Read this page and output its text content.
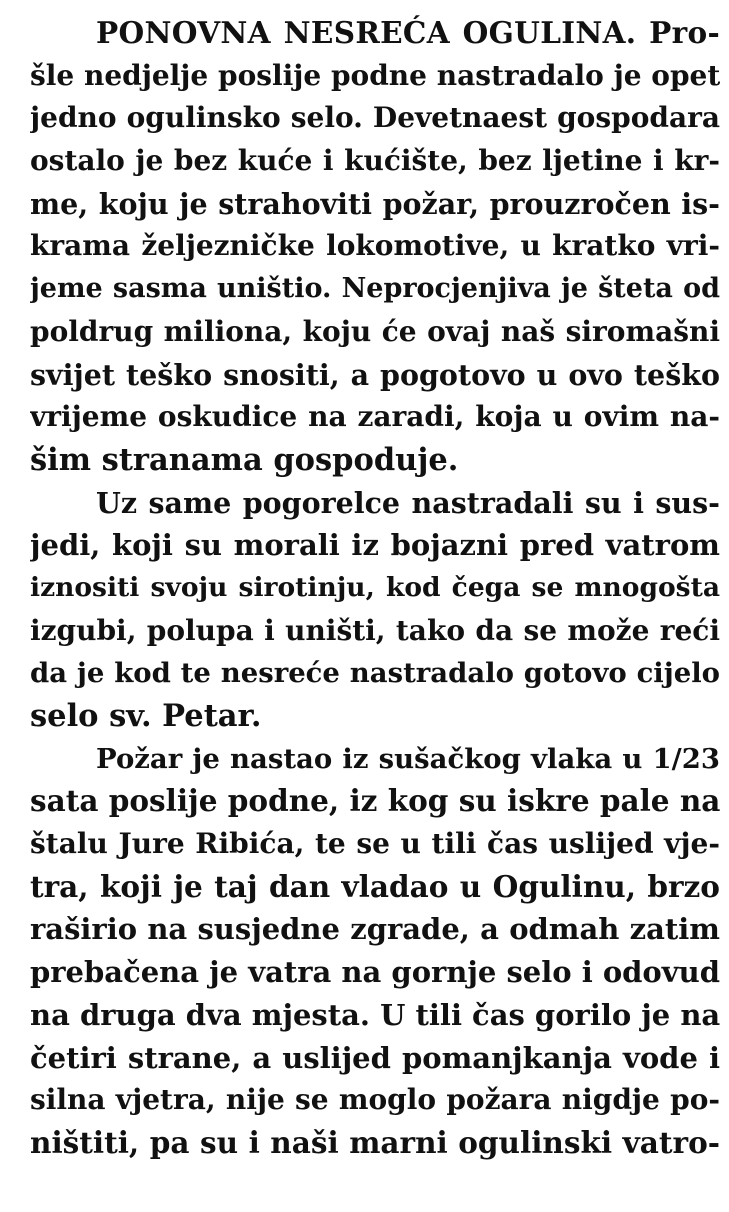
PONOVNA NESREĆA OGULINA. Pro-
šle nedjelje poslije podne nastradalo je opet
jedno ogulinsko selo. Devetnaest gospodara
ostalo je bez kuće i kućište, bez ljetine i kr-
me, koju je strahoviti požar, prouzročen is-
krama željezničke lokomotive, u kratko vri-
jeme sasma uništio. Neprocjenjiva je šteta od
poldrug miliona, koju će ovaj naš siromašni
svijet teško snositi, a pogotovo u ovo teško
vrijeme oskudice na zaradi, koja u ovim na-
šim stranama gospoduje.
Uz same pogorelce nastradali su i sus-
jedi, koji su morali iz bojazni pred vatrom
iznositi svoju sirotinju, kod čega se mnogošta
izgubi, polupa i uništi, tako da se može reći
da je kod te nesreće nastradalo gotovo cijelo
selo sv. Petar.
Požar je nastao iz sušačkog vlaka u 1/23
sata poslije podne, iz kog su iskre pale na
štalu Jure Ribića, te se u tili čas uslijed vje-
tra, koji je taj dan vladao u Ogulinu, brzo
raširio na susjedne zgrade, a odmah zatim
prebačena je vatra na gornje selo i odovud
na druga dva mjesta. U tili čas gorilo je na
četiri strane, a uslijed pomanjkanja vode i
silna vjetra, nije se moglo požara nigdje po-
ništiti, pa su i naši marni ogulinski vatro-
